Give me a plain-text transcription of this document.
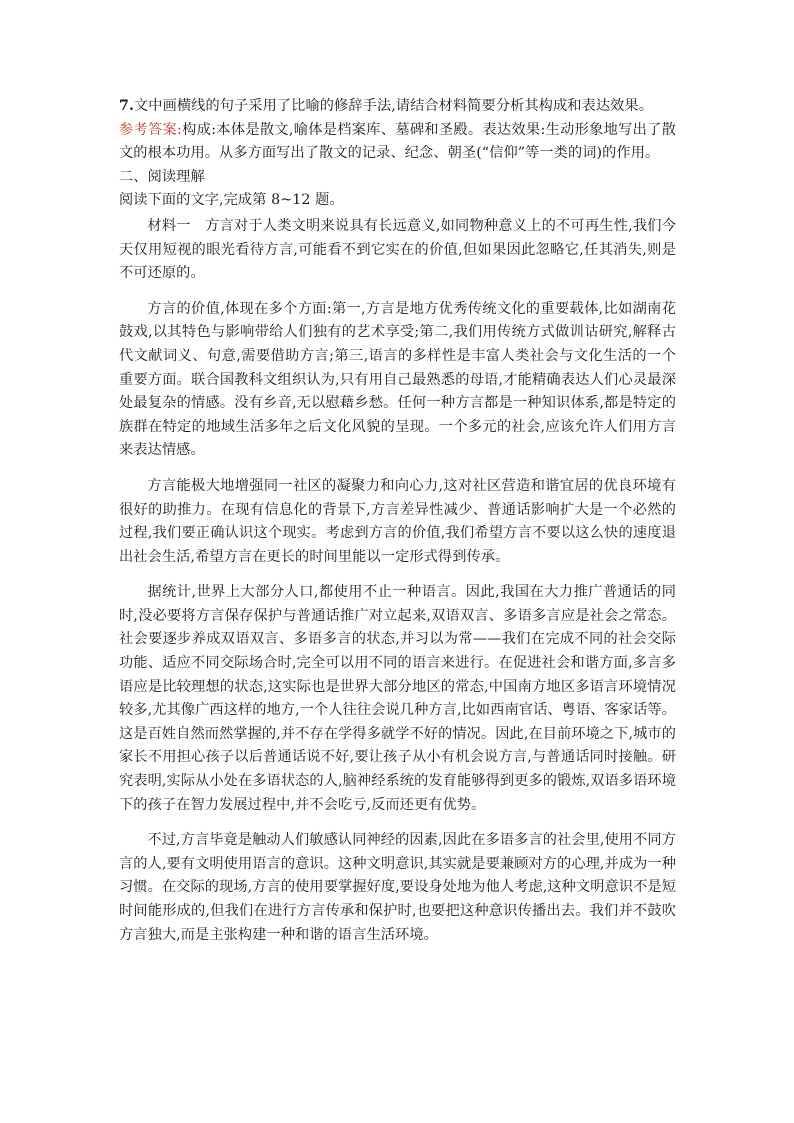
7.文中画横线的句子采用了比喻的修辞手法,请结合材料简要分析其构成和表达效果。

参考答案:构成:本体是散文,喻体是档案库、墓碑和圣殿。表达效果:生动形象地写出了散文的根本功用。从多方面写出了散文的记录、纪念、朝圣(“信仰”等一类的词)的作用。

二、阅读理解

阅读下面的文字,完成第 8~12 题。

材料一　方言对于人类文明来说具有长远意义,如同物种意义上的不可再生性,我们今天仅用短视的眼光看待方言,可能看不到它实在的价值,但如果因此忽略它,任其消失,则是不可还原的。

方言的价值,体现在多个方面:第一,方言是地方优秀传统文化的重要载体,比如湖南花鼓戏,以其特色与影响带给人们独有的艺术享受;第二,我们用传统方式做训诂研究,解释古代文献词义、句意,需要借助方言;第三,语言的多样性是丰富人类社会与文化生活的一个重要方面。联合国教科文组织认为,只有用自己最熟悉的母语,才能精确表达人们心灵最深处最复杂的情感。没有乡音,无以慰藉乡愁。任何一种方言都是一种知识体系,都是特定的族群在特定的地域生活多年之后文化风貌的呈现。一个多元的社会,应该允许人们用方言来表达情感。

方言能极大地增强同一社区的凝聚力和向心力,这对社区营造和谐宜居的优良环境有很好的助推力。在现有信息化的背景下,方言差异性减少、普通话影响扩大是一个必然的过程,我们要正确认识这个现实。考虑到方言的价值,我们希望方言不要以这么快的速度退出社会生活,希望方言在更长的时间里能以一定形式得到传承。

据统计,世界上大部分人口,都使用不止一种语言。因此,我国在大力推广普通话的同时,没必要将方言保存保护与普通话推广对立起来,双语双言、多语多言应是社会之常态。社会要逐步养成双语双言、多语多言的状态,并习以为常——我们在完成不同的社会交际功能、适应不同交际场合时,完全可以用不同的语言来进行。在促进社会和谐方面,多言多语应是比较理想的状态,这实际也是世界大部分地区的常态,中国南方地区多语言环境情况较多,尤其像广西这样的地方,一个人往往会说几种方言,比如西南官话、粤语、客家话等。这是百姓自然而然掌握的,并不存在学得多就学不好的情况。因此,在目前环境之下,城市的家长不用担心孩子以后普通话说不好,要让孩子从小有机会说方言,与普通话同时接触。研究表明,实际从小处在多语状态的人,脑神经系统的发育能够得到更多的锻炼,双语多语环境下的孩子在智力发展过程中,并不会吃亏,反而还更有优势。

不过,方言毕竟是触动人们敏感认同神经的因素,因此在多语多言的社会里,使用不同方言的人,要有文明使用语言的意识。这种文明意识,其实就是要兼顾对方的心理,并成为一种习惯。在交际的现场,方言的使用要掌握好度,要设身处地为他人考虑,这种文明意识不是短时间能形成的,但我们在进行方言传承和保护时,也要把这种意识传播出去。我们并不鼓吹方言独大,而是主张构建一种和谐的语言生活环境。
